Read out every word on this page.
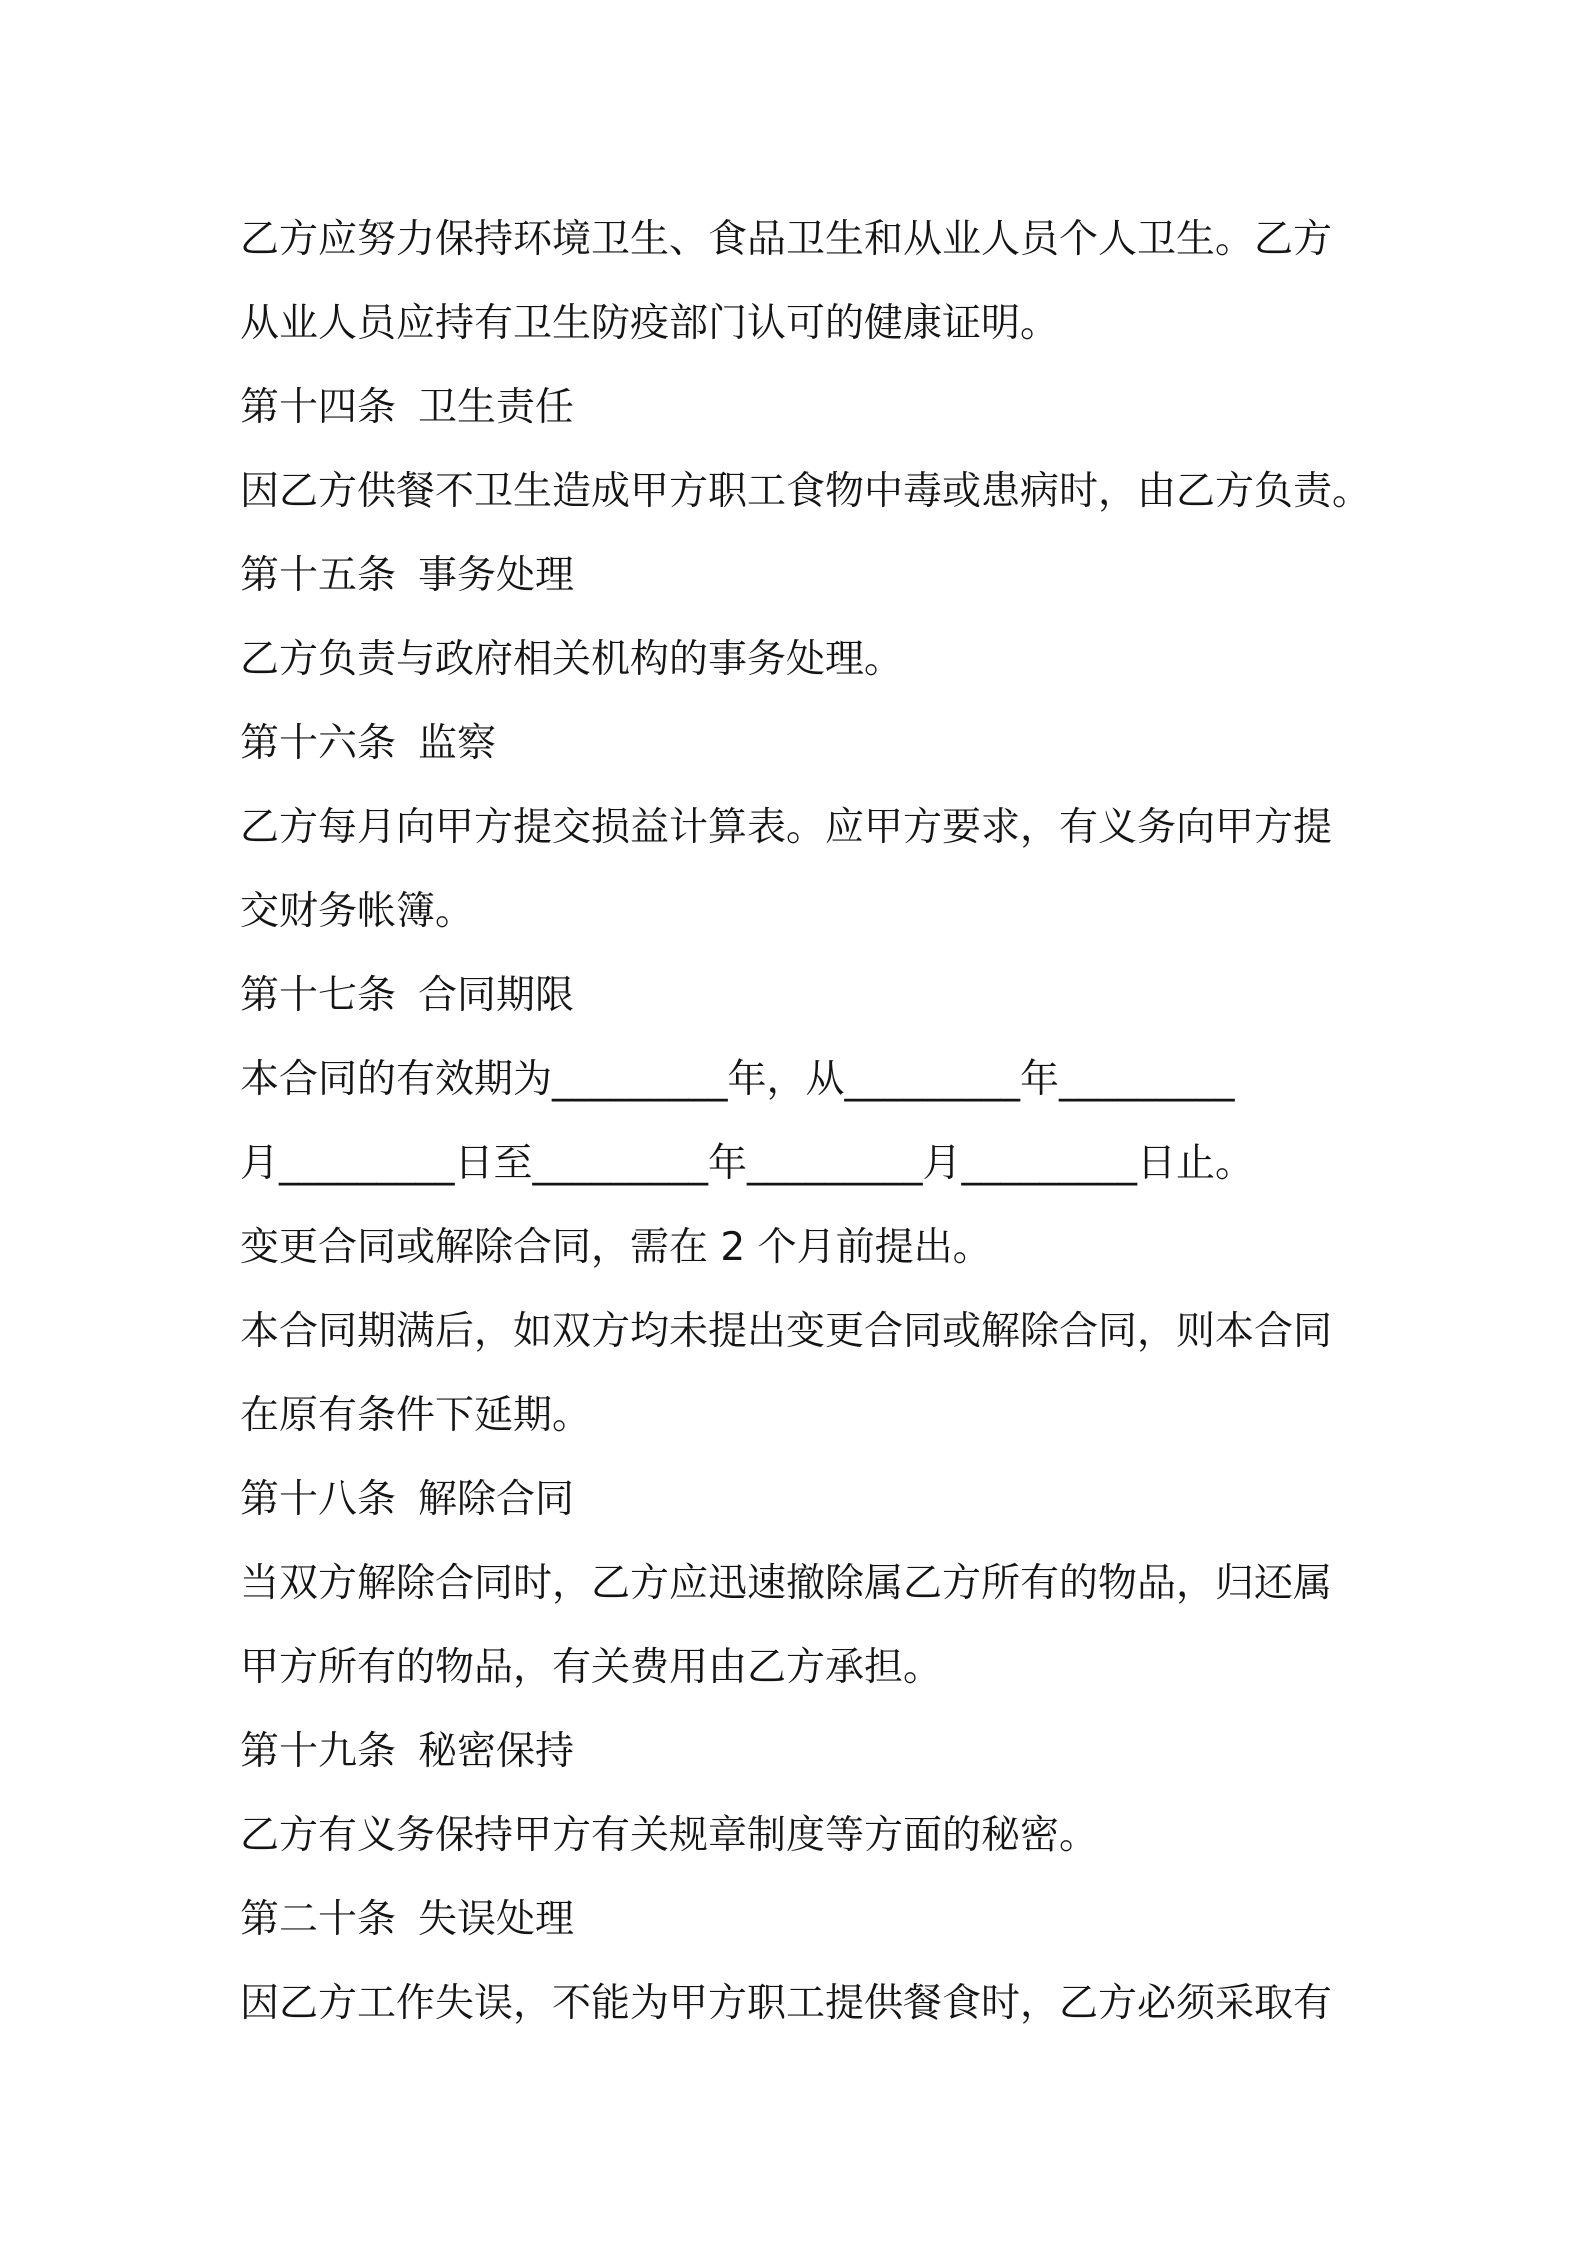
乙方应努力保持环境卫生、食品卫生和从业人员个人卫生。乙方
从业人员应持有卫生防疫部门认可的健康证明。
第十四条 卫生责任
因乙方供餐不卫生造成甲方职工食物中毒或患病时，由乙方负责。
第十五条 事务处理
乙方负责与政府相关机构的事务处理。
第十六条 监察
乙方每月向甲方提交损益计算表。应甲方要求，有义务向甲方提
交财务帐簿。
第十七条 合同期限
本合同的有效期为_________年，从_________年_________
月_________日至_________年_________月_________日止。
变更合同或解除合同，需在 2 个月前提出。
本合同期满后，如双方均未提出变更合同或解除合同，则本合同
在原有条件下延期。
第十八条 解除合同
当双方解除合同时，乙方应迅速撤除属乙方所有的物品，归还属
甲方所有的物品，有关费用由乙方承担。
第十九条 秘密保持
乙方有义务保持甲方有关规章制度等方面的秘密。
第二十条 失误处理
因乙方工作失误，不能为甲方职工提供餐食时，乙方必须采取有
